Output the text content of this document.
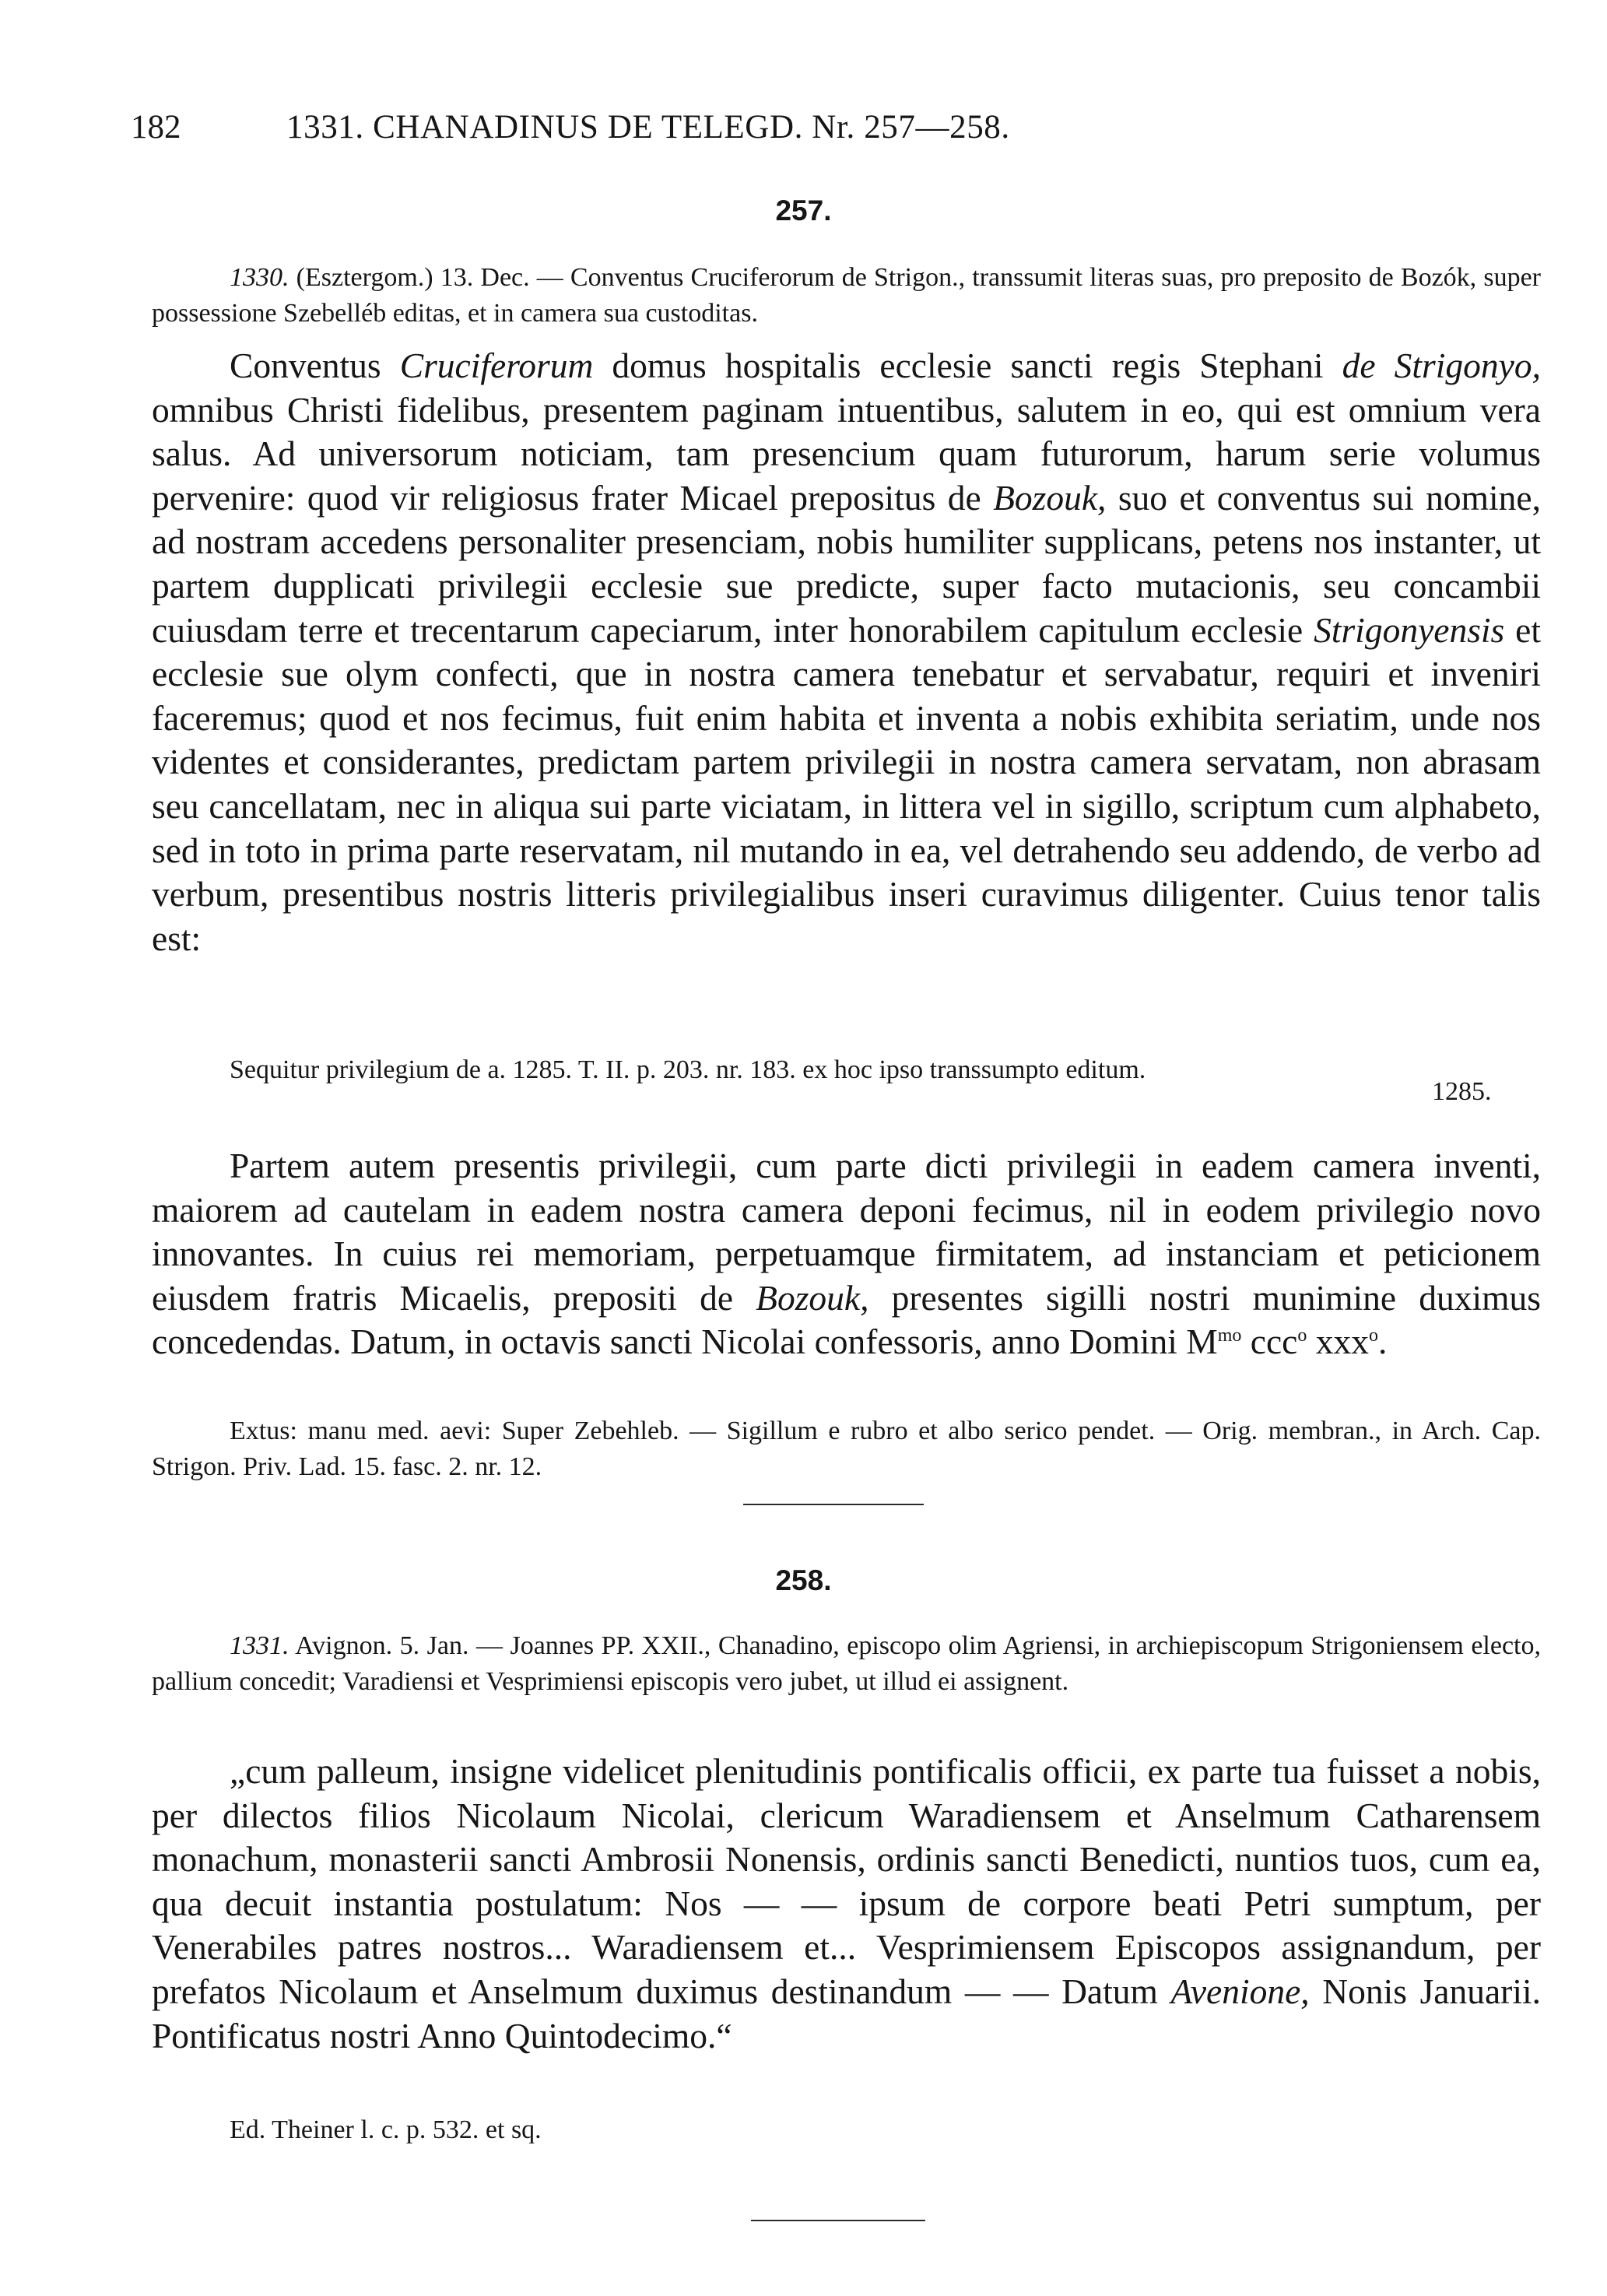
182	1331. CHANADINUS DE TELEGD. Nr. 257—258.
257.

1330. (Esztergom.) 13. Dec. — Conventus Cruciferorum de Strigon., transsumit literas suas, pro preposito de Bozók, super possessione Szebelléb editas, et in camera sua custoditas.

Conventus Cruciferorum domus hospitalis ecclesie sancti regis Stephani de Strigonyo, omnibus Christi fidelibus, presentem paginam intuentibus, salutem in eo, qui est omnium vera salus. Ad universorum noticiam, tam presencium quam futurorum, harum serie volumus pervenire: quod vir religiosus frater Micael prepositus de Bozouk, suo et conventus sui nomine, ad nostram accedens personaliter presenciam, nobis humiliter supplicans, petens nos instanter, ut partem dupplicati privilegii ecclesie sue predicte, super facto mutacionis, seu concambii cuiusdam terre et trecentarum capeciarum, inter honorabilem capitulum ecclesie Strigonyensis et ecclesie sue olym confecti, que in nostra camera tenebatur et servabatur, requiri et inveniri faceremus; quod et nos fecimus, fuit enim habita et inventa a nobis exhibita seriatim, unde nos videntes et considerantes, predictam partem privilegii in nostra camera servatam, non abrasam seu cancellatam, nec in aliqua sui parte viciatam, in littera vel in sigillo, scriptum cum alphabeto, sed in toto in prima parte reservatam, nil mutando in ea, vel detrahendo seu addendo, de verbo ad verbum, presentibus nostris litteris privilegialibus inseri curavimus diligenter. Cuius tenor talis est:

Sequitur privilegium de a. 1285. T. II. p. 203. nr. 183. ex hoc ipso transsumpto editum.

1285.

Partem autem presentis privilegii, cum parte dicti privilegii in eadem camera inventi, maiorem ad cautelam in eadem nostra camera deponi fecimus, nil in eodem privilegio novo innovantes. In cuius rei memoriam, perpetuamque firmitatem, ad instanciam et peticionem eiusdem fratris Micaelis, prepositi de Bozouk, presentes sigilli nostri munimine duximus concedendas. Datum, in octavis sancti Nicolai confessoris, anno Domini $M^{mo}$ ccc$^o$ xxx$^o$.

Extus: manu med. aevi: Super Zebehleb. — Sigillum e rubro et albo serico pendet. — Orig. membran., in Arch. Cap. Strigon. Priv. Lad. 15. fasc. 2. nr. 12.

258.

1331. Avignon. 5. Jan. — Joannes PP. XXII., Chanadino, episcopo olim Agriensi, in archiepiscopum Strigoniensem electo, pallium concedit; Varadiensi et Vesprimiensi episcopis vero jubet, ut illud ei assignent.

„cum palleum, insigne videlicet plenitudinis pontificalis officii, ex parte tua fuisset a nobis, per dilectos filios Nicolaum Nicolai, clericum Waradiensem et Anselmum Catharensem monachum, monasterii sancti Ambrosii Nonensis, ordinis sancti Benedicti, nuntios tuos, cum ea, qua decuit instantia postulatum: Nos — — ipsum de corpore beati Petri sumptum, per Venerabiles patres nostros... Waradiensem et... Vesprimiensem Episcopos assignandum, per prefatos Nicolaum et Anselmum duximus destinandum — — Datum Avenione, Nonis Januarii. Pontificatus nostri Anno Quintodecimo.“

Ed. Theiner l. c. p. 532. et sq.
